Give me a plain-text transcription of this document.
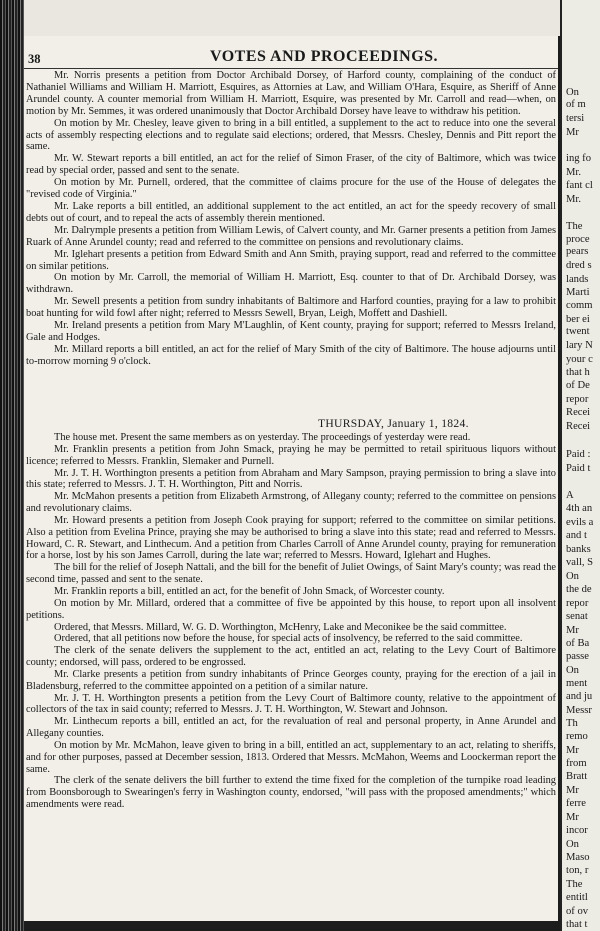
On
of m
tersi
Mr
ing fo
Mr.
fant cl
Mr.
The
proce
pears
dred s
lands
Marti
comm
ber ei
twent
lary N
your c
that h
of De
repor
Recei
Recei
Paid :
Paid t
A
4th an
evils a
and t
banks
vall, S
On
the de
repor
senat
Mr
of Ba
passe
On
ment
and ju
Messr
Th
remo
Mr
from
Bratt
Mr
ferre
Mr
incor
On
Maso
ton, r
The
entitl
of ov
that t
38	VOTES AND PROCEEDINGS.

Mr. Norris presents a petition from Doctor Archibald Dorsey, of Harford county, complaining of the conduct of Nathaniel Williams and William H. Marriott, Esquires, as Attornies at Law, and William O'Hara, Esquire, as Sheriff of Anne Arundel county. A counter memorial from William H. Marriott, Esquire, was presented by Mr. Carroll and read—when, on motion by Mr. Semmes, it was ordered unanimously that Doctor Archibald Dorsey have leave to withdraw his petition.

On motion by Mr. Chesley, leave given to bring in a bill entitled, a supplement to the act to reduce into one the several acts of assembly respecting elections and to regulate said elections; ordered, that Messrs. Chesley, Dennis and Pitt report the same.

Mr. W. Stewart reports a bill entitled, an act for the relief of Simon Fraser, of the city of Baltimore, which was twice read by special order, passed and sent to the senate.

On motion by Mr. Purnell, ordered, that the committee of claims procure for the use of the House of delegates the "revised code of Virginia."

Mr. Lake reports a bill entitled, an additional supplement to the act entitled, an act for the speedy recovery of small debts out of court, and to repeal the acts of assembly therein mentioned.

Mr. Dalrymple presents a petition from William Lewis, of Calvert county, and Mr. Garner presents a petition from James Ruark of Anne Arundel county; read and referred to the committee on pensions and revolutionary claims.

Mr. Iglehart presents a petition from Edward Smith and Ann Smith, praying support, read and referred to the committee on similar petitions.

On motion by Mr. Carroll, the memorial of William H. Marriott, Esq. counter to that of Dr. Archibald Dorsey, was withdrawn.

Mr. Sewell presents a petition from sundry inhabitants of Baltimore and Harford counties, praying for a law to prohibit boat hunting for wild fowl after night; referred to Messrs Sewell, Bryan, Leigh, Moffett and Dashiell.

Mr. Ireland presents a petition from Mary M'Laughlin, of Kent county, praying for support; referred to Messrs Ireland, Gale and Hodges.

Mr. Millard reports a bill entitled, an act for the relief of Mary Smith of the city of Baltimore. The house adjourns until to-morrow morning 9 o'clock.

THURSDAY, January 1, 1824.

The house met. Present the same members as on yesterday. The proceedings of yesterday were read.

Mr. Franklin presents a petition from John Smack, praying he may be permitted to retail spirituous liquors without licence; referred to Messrs. Franklin, Slemaker and Purnell.

Mr. J. T. H. Worthington presents a petition from Abraham and Mary Sampson, praying permission to bring a slave into this state; referred to Messrs. J. T. H. Worthington, Pitt and Norris.

Mr. McMahon presents a petition from Elizabeth Armstrong, of Allegany county; referred to the committee on pensions and revolutionary claims.

Mr. Howard presents a petition from Joseph Cook praying for support; referred to the committee on similar petitions. Also a petition from Evelina Prince, praying she may be authorised to bring a slave into this state; read and referred to Messrs. Howard, C. R. Stewart, and Linthecum. And a petition from Charles Carroll of Anne Arundel county, praying for remuneration for a horse, lost by his son James Carroll, during the late war; referred to Messrs. Howard, Iglehart and Hughes.

The bill for the relief of Joseph Nattali, and the bill for the benefit of Juliet Owings, of Saint Mary's county; was read the second time, passed and sent to the senate.

Mr. Franklin reports a bill, entitled an act, for the benefit of John Smack, of Worcester county.

On motion by Mr. Millard, ordered that a committee of five be appointed by this house, to report upon all insolvent petitions.

Ordered, that Messrs. Millard, W. G. D. Worthington, McHenry, Lake and Meconikee be the said committee.

Ordered, that all petitions now before the house, for special acts of insolvency, be referred to the said committee.

The clerk of the senate delivers the supplement to the act, entitled an act, relating to the Levy Court of Baltimore county; endorsed, will pass, ordered to be engrossed.

Mr. Clarke presents a petition from sundry inhabitants of Prince Georges county, praying for the erection of a jail in Bladensburg, referred to the committee appointed on a petition of a similar nature.

Mr. J. T. H. Worthington presents a petition from the Levy Court of Baltimore county, relative to the appointment of collectors of the tax in said county; referred to Messrs. J. T. H. Worthington, W. Stewart and Johnson.

Mr. Linthecum reports a bill, entitled an act, for the revaluation of real and personal property, in Anne Arundel and Allegany counties.

On motion by Mr. McMahon, leave given to bring in a bill, entitled an act, supplementary to an act, relating to sheriffs, and for other purposes, passed at December session, 1813. Ordered that Messrs. McMahon, Weems and Loockerman report the same.

The clerk of the senate delivers the bill further to extend the time fixed for the completion of the turnpike road leading from Boonsborough to Swearingen's ferry in Washington county, endorsed, "will pass with the proposed amendments;" which amendments were read.
